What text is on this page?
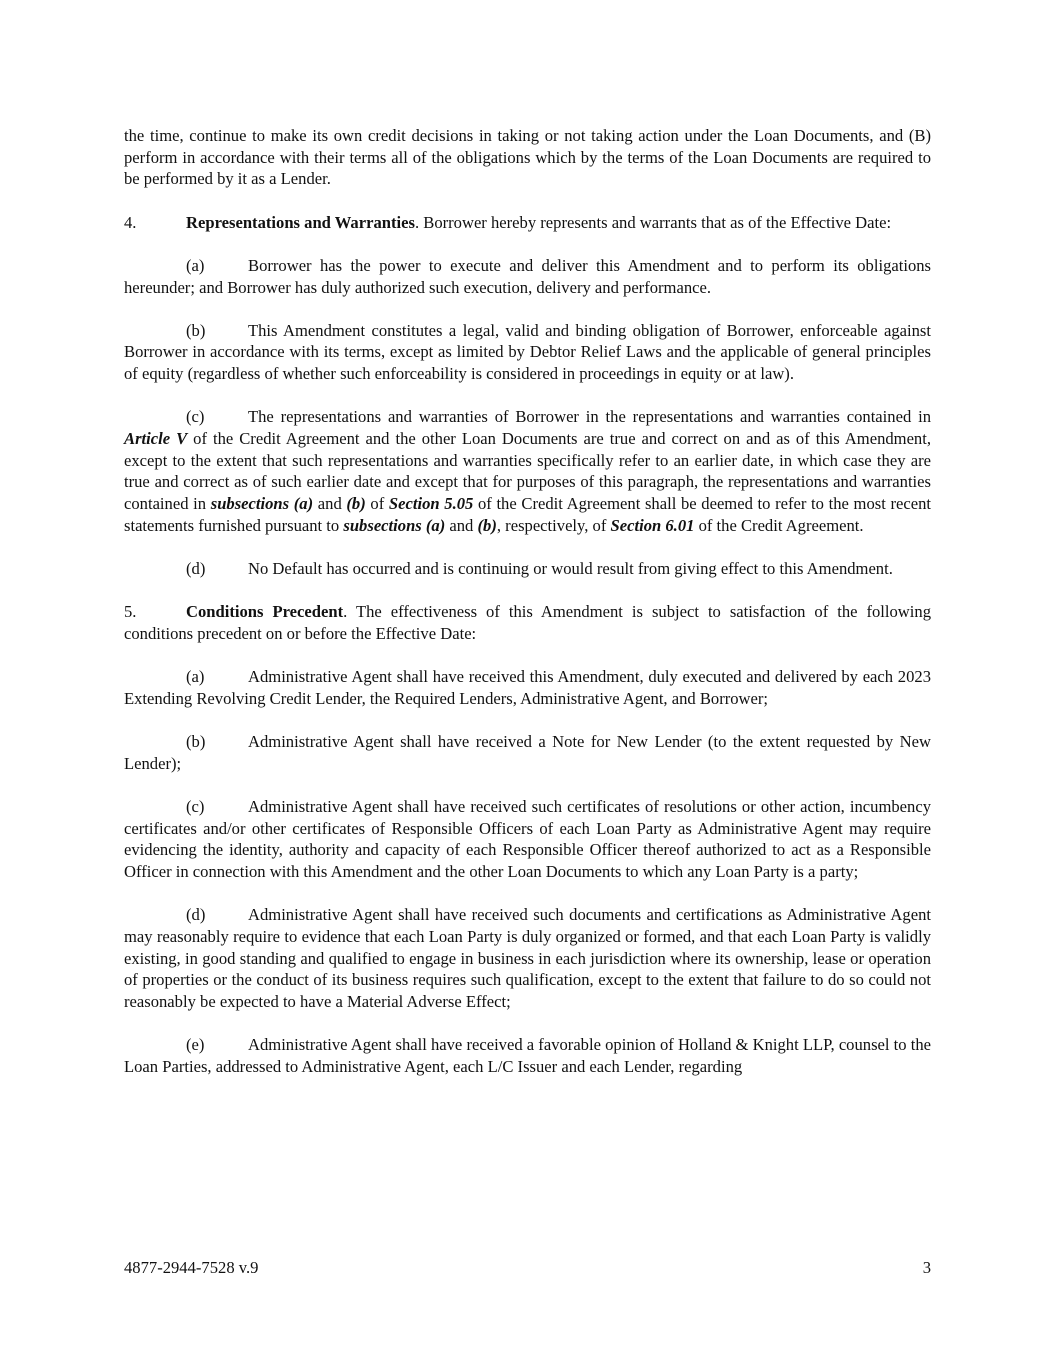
the time, continue to make its own credit decisions in taking or not taking action under the Loan Documents, and (B) perform in accordance with their terms all of the obligations which by the terms of the Loan Documents are required to be performed by it as a Lender.

4.	Representations and Warranties. Borrower hereby represents and warrants that as of the Effective Date:

(a)	Borrower has the power to execute and deliver this Amendment and to perform its obligations hereunder; and Borrower has duly authorized such execution, delivery and performance.

(b)	This Amendment constitutes a legal, valid and binding obligation of Borrower, enforceable against Borrower in accordance with its terms, except as limited by Debtor Relief Laws and the applicable of general principles of equity (regardless of whether such enforceability is considered in proceedings in equity or at law).

(c)	The representations and warranties of Borrower in the representations and warranties contained in Article V of the Credit Agreement and the other Loan Documents are true and correct on and as of this Amendment, except to the extent that such representations and warranties specifically refer to an earlier date, in which case they are true and correct as of such earlier date and except that for purposes of this paragraph, the representations and warranties contained in subsections (a) and (b) of Section 5.05 of the Credit Agreement shall be deemed to refer to the most recent statements furnished pursuant to subsections (a) and (b), respectively, of Section 6.01 of the Credit Agreement.

(d)	No Default has occurred and is continuing or would result from giving effect to this Amendment.

5.	Conditions Precedent. The effectiveness of this Amendment is subject to satisfaction of the following conditions precedent on or before the Effective Date:

(a)	Administrative Agent shall have received this Amendment, duly executed and delivered by each 2023 Extending Revolving Credit Lender, the Required Lenders, Administrative Agent, and Borrower;

(b)	Administrative Agent shall have received a Note for New Lender (to the extent requested by New Lender);

(c)	Administrative Agent shall have received such certificates of resolutions or other action, incumbency certificates and/or other certificates of Responsible Officers of each Loan Party as Administrative Agent may require evidencing the identity, authority and capacity of each Responsible Officer thereof authorized to act as a Responsible Officer in connection with this Amendment and the other Loan Documents to which any Loan Party is a party;

(d)	Administrative Agent shall have received such documents and certifications as Administrative Agent may reasonably require to evidence that each Loan Party is duly organized or formed, and that each Loan Party is validly existing, in good standing and qualified to engage in business in each jurisdiction where its ownership, lease or operation of properties or the conduct of its business requires such qualification, except to the extent that failure to do so could not reasonably be expected to have a Material Adverse Effect;

(e)	Administrative Agent shall have received a favorable opinion of Holland & Knight LLP, counsel to the Loan Parties, addressed to Administrative Agent, each L/C Issuer and each Lender, regarding

4877-2944-7528 v.9	3
